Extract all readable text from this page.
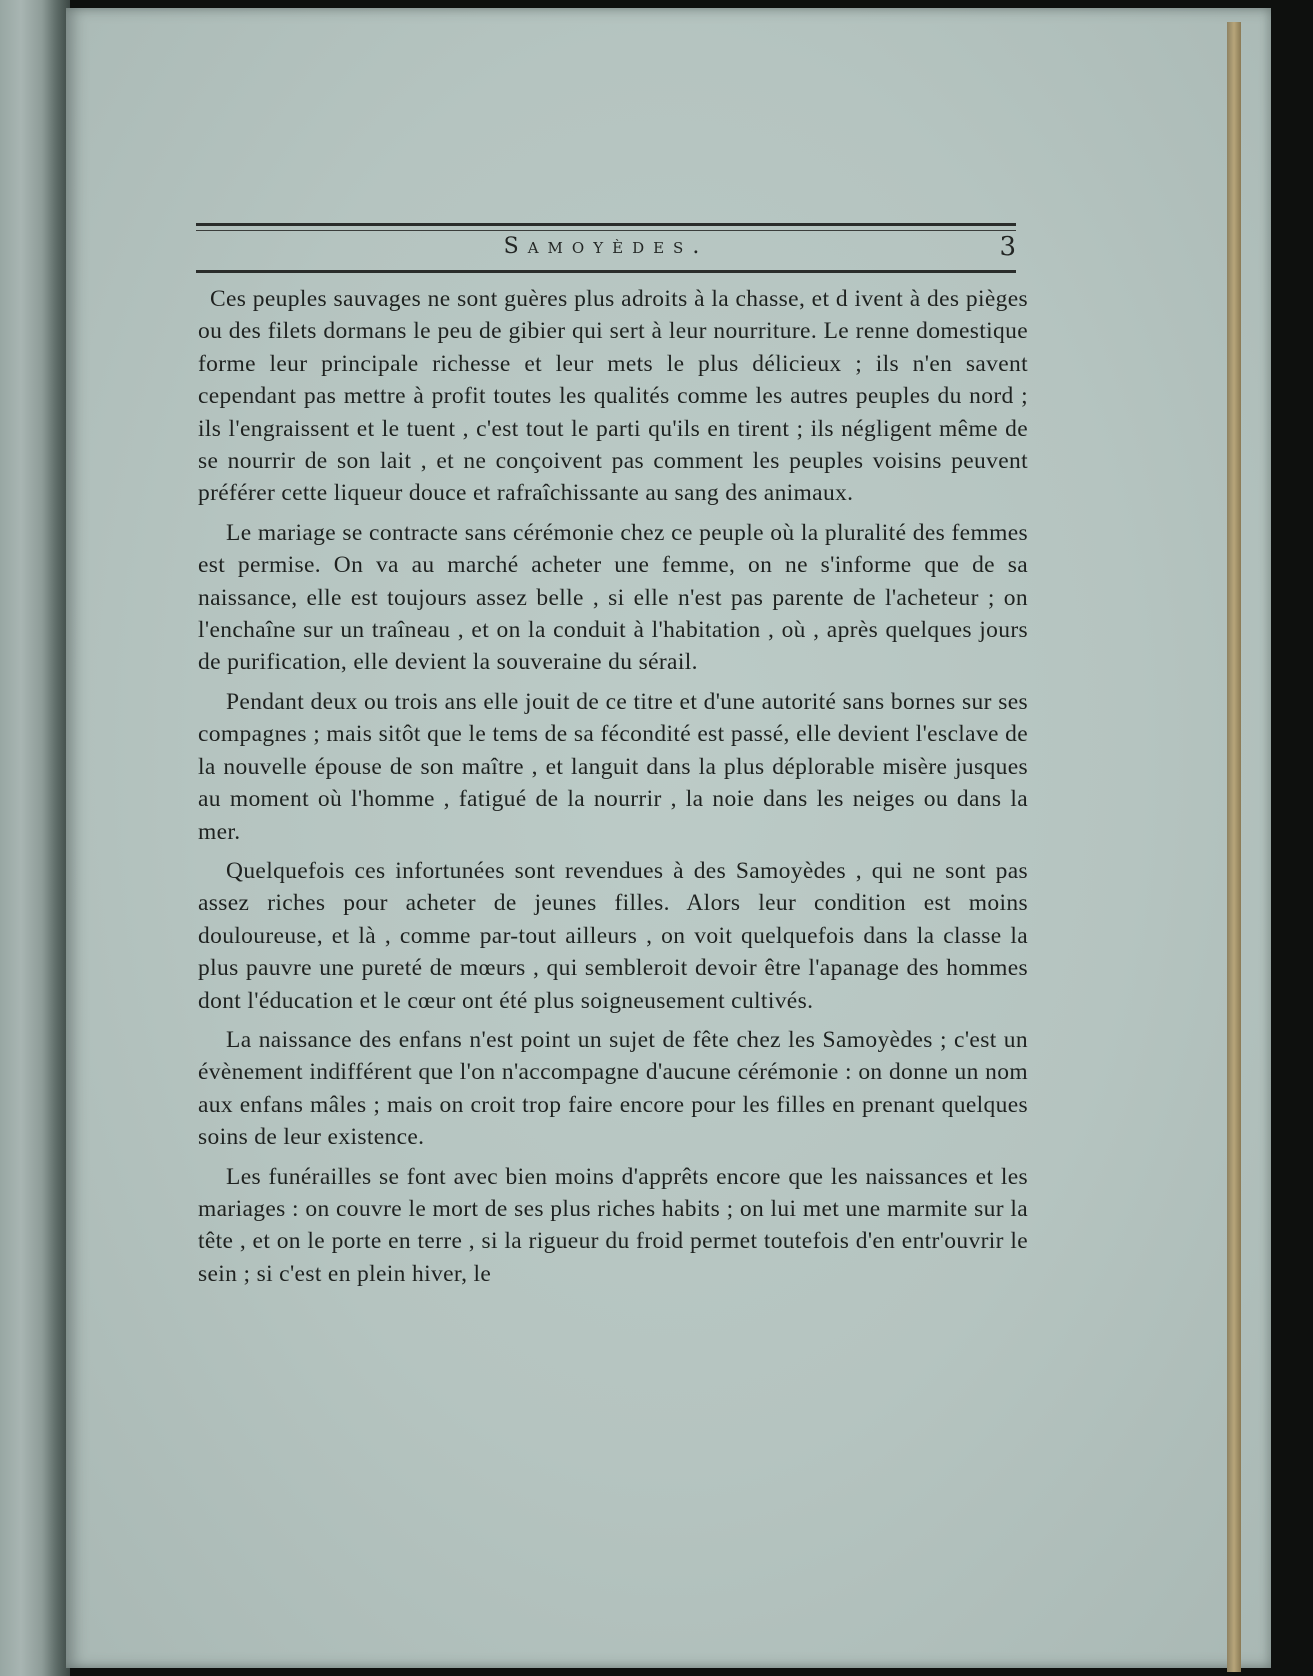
Samoyèdes.	3

Ces peuples sauvages ne sont guères plus adroits à la chasse, et d ivent à des pièges ou des filets dormans le peu de gibier qui sert à leur nourriture. Le renne domestique forme leur principale richesse et leur mets le plus délicieux ; ils n'en savent cependant pas mettre à profit toutes les qualités comme les autres peuples du nord ; ils l'engraissent et le tuent , c'est tout le parti qu'ils en tirent ; ils négligent même de se nourrir de son lait , et ne conçoivent pas comment les peuples voisins peuvent préférer cette liqueur douce et rafraîchissante au sang des animaux.

Le mariage se contracte sans cérémonie chez ce peuple où la pluralité des femmes est permise. On va au marché acheter une femme, on ne s'informe que de sa naissance, elle est toujours assez belle , si elle n'est pas parente de l'acheteur ; on l'enchaîne sur un traîneau , et on la conduit à l'habitation , où , après quelques jours de purification, elle devient la souveraine du sérail.

Pendant deux ou trois ans elle jouit de ce titre et d'une autorité sans bornes sur ses compagnes ; mais sitôt que le tems de sa fécondité est passé, elle devient l'esclave de la nouvelle épouse de son maître , et languit dans la plus déplorable misère jusques au moment où l'homme , fatigué de la nourrir , la noie dans les neiges ou dans la mer.

Quelquefois ces infortunées sont revendues à des Samoyèdes , qui ne sont pas assez riches pour acheter de jeunes filles. Alors leur condition est moins douloureuse, et là , comme par-tout ailleurs , on voit quelquefois dans la classe la plus pauvre une pureté de mœurs , qui sembleroit devoir être l'apanage des hommes dont l'éducation et le cœur ont été plus soigneusement cultivés.

La naissance des enfans n'est point un sujet de fête chez les Samoyèdes ; c'est un évènement indifférent que l'on n'accompagne d'aucune cérémonie : on donne un nom aux enfans mâles ; mais on croit trop faire encore pour les filles en prenant quelques soins de leur existence.

Les funérailles se font avec bien moins d'apprêts encore que les naissances et les mariages : on couvre le mort de ses plus riches habits ; on lui met une marmite sur la tête , et on le porte en terre , si la rigueur du froid permet toutefois d'en entr'ouvrir le sein ; si c'est en plein hiver, le
